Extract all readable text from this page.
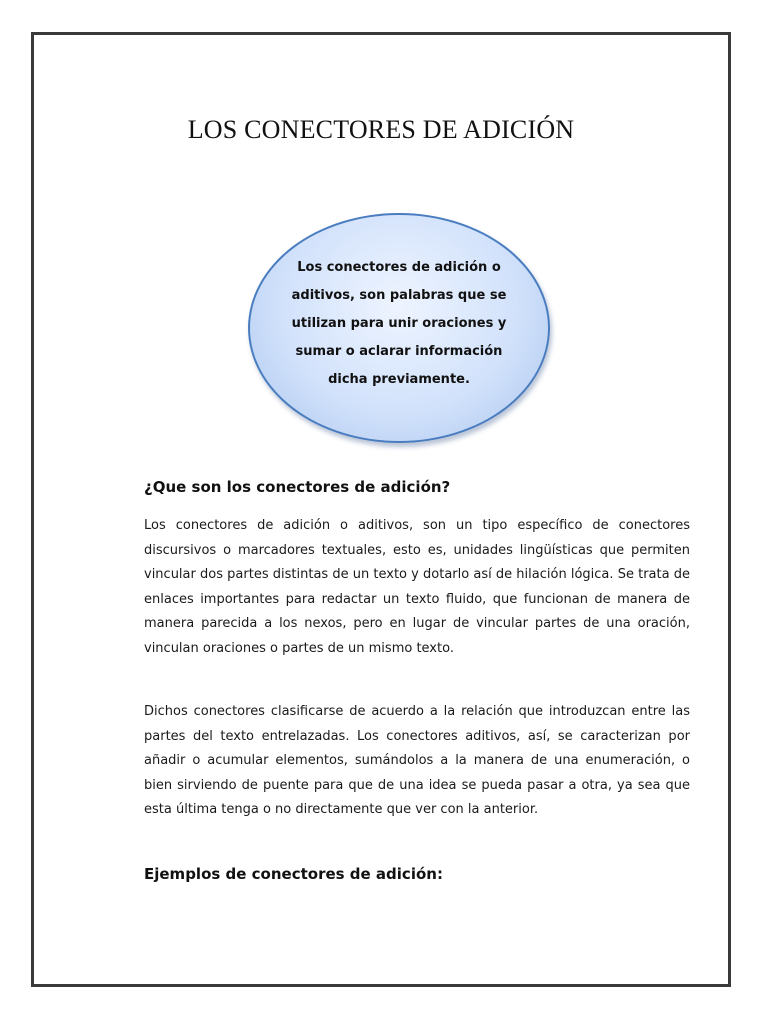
LOS CONECTORES DE ADICIÓN
Los conectores de adición o aditivos, son palabras que se utilizan para unir oraciones y sumar o aclarar información dicha previamente.
¿Que son los conectores de adición?

Los conectores de adición o aditivos, son un tipo específico de conectores discursivos o marcadores textuales, esto es, unidades lingüísticas que permiten vincular dos partes distintas de un texto y dotarlo así de hilación lógica. Se trata de enlaces importantes para redactar un texto fluido, que funcionan de manera de manera parecida a los nexos, pero en lugar de vincular partes de una oración, vinculan oraciones o partes de un mismo texto.

Dichos conectores clasificarse de acuerdo a la relación que introduzcan entre las partes del texto entrelazadas. Los conectores aditivos, así, se caracterizan por añadir o acumular elementos, sumándolos a la manera de una enumeración, o bien sirviendo de puente para que de una idea se pueda pasar a otra, ya sea que esta última tenga o no directamente que ver con la anterior.

Ejemplos de conectores de adición:
